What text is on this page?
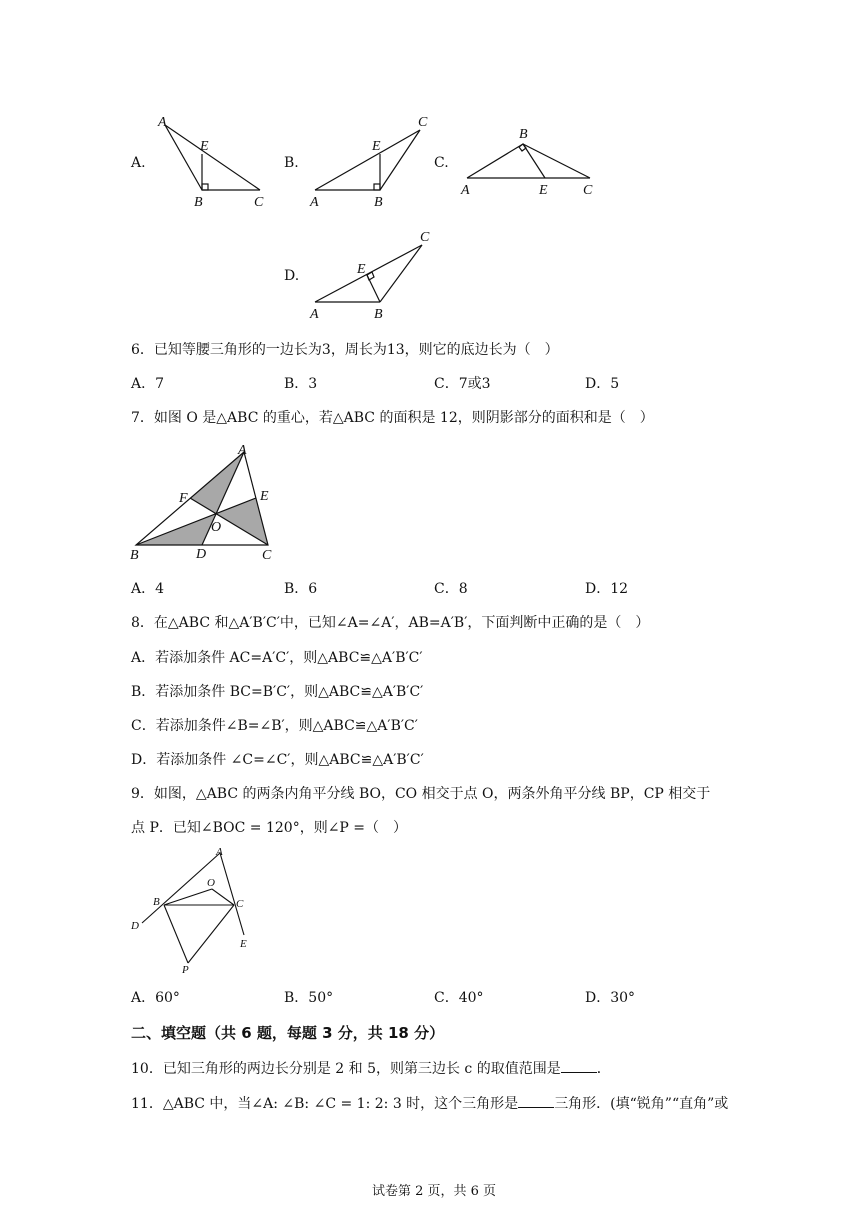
A.
A
E
B	C
B.
C
E
A	B
C.
B
A	E	C
D.
C
E
A	B
6．已知等腰三角形的一边长为3，周长为13，则它的底边长为（　）
A．7	B．3	C．7或3	D．5
7．如图 O 是△ABC 的重心，若△ABC 的面积是 12，则阴影部分的面积和是（　）
A
B	C
D
E
F
O
A．4	B．6	C．8	D．12
8．在△ABC 和△A′B′C′中，已知∠A=∠A′，AB=A′B′，下面判断中正确的是（　）
A．若添加条件 AC=A′C′，则△ABC≌△A′B′C′
B．若添加条件 BC=B′C′，则△ABC≌△A′B′C′
C．若添加条件∠B=∠B′，则△ABC≌△A′B′C′
D．若添加条件 ∠C=∠C′，则△ABC≌△A′B′C′
9．如图，△ABC 的两条内角平分线 BO，CO 相交于点 O，两条外角平分线 BP，CP 相交于
点 P．已知∠BOC = 120°，则∠P =（　）
A
O
B	C
D
E
P
A．60°	B．50°	C．40°	D．30°
二、填空题（共 6 题，每题 3 分，共 18 分）
10．已知三角形的两边长分别是 2 和 5，则第三边长 c 的取值范围是	．
11．△ABC 中，当∠A: ∠B: ∠C = 1: 2: 3 时，这个三角形是	三角形．(填“锐角”“直角”或
试卷第 2 页，共 6 页
